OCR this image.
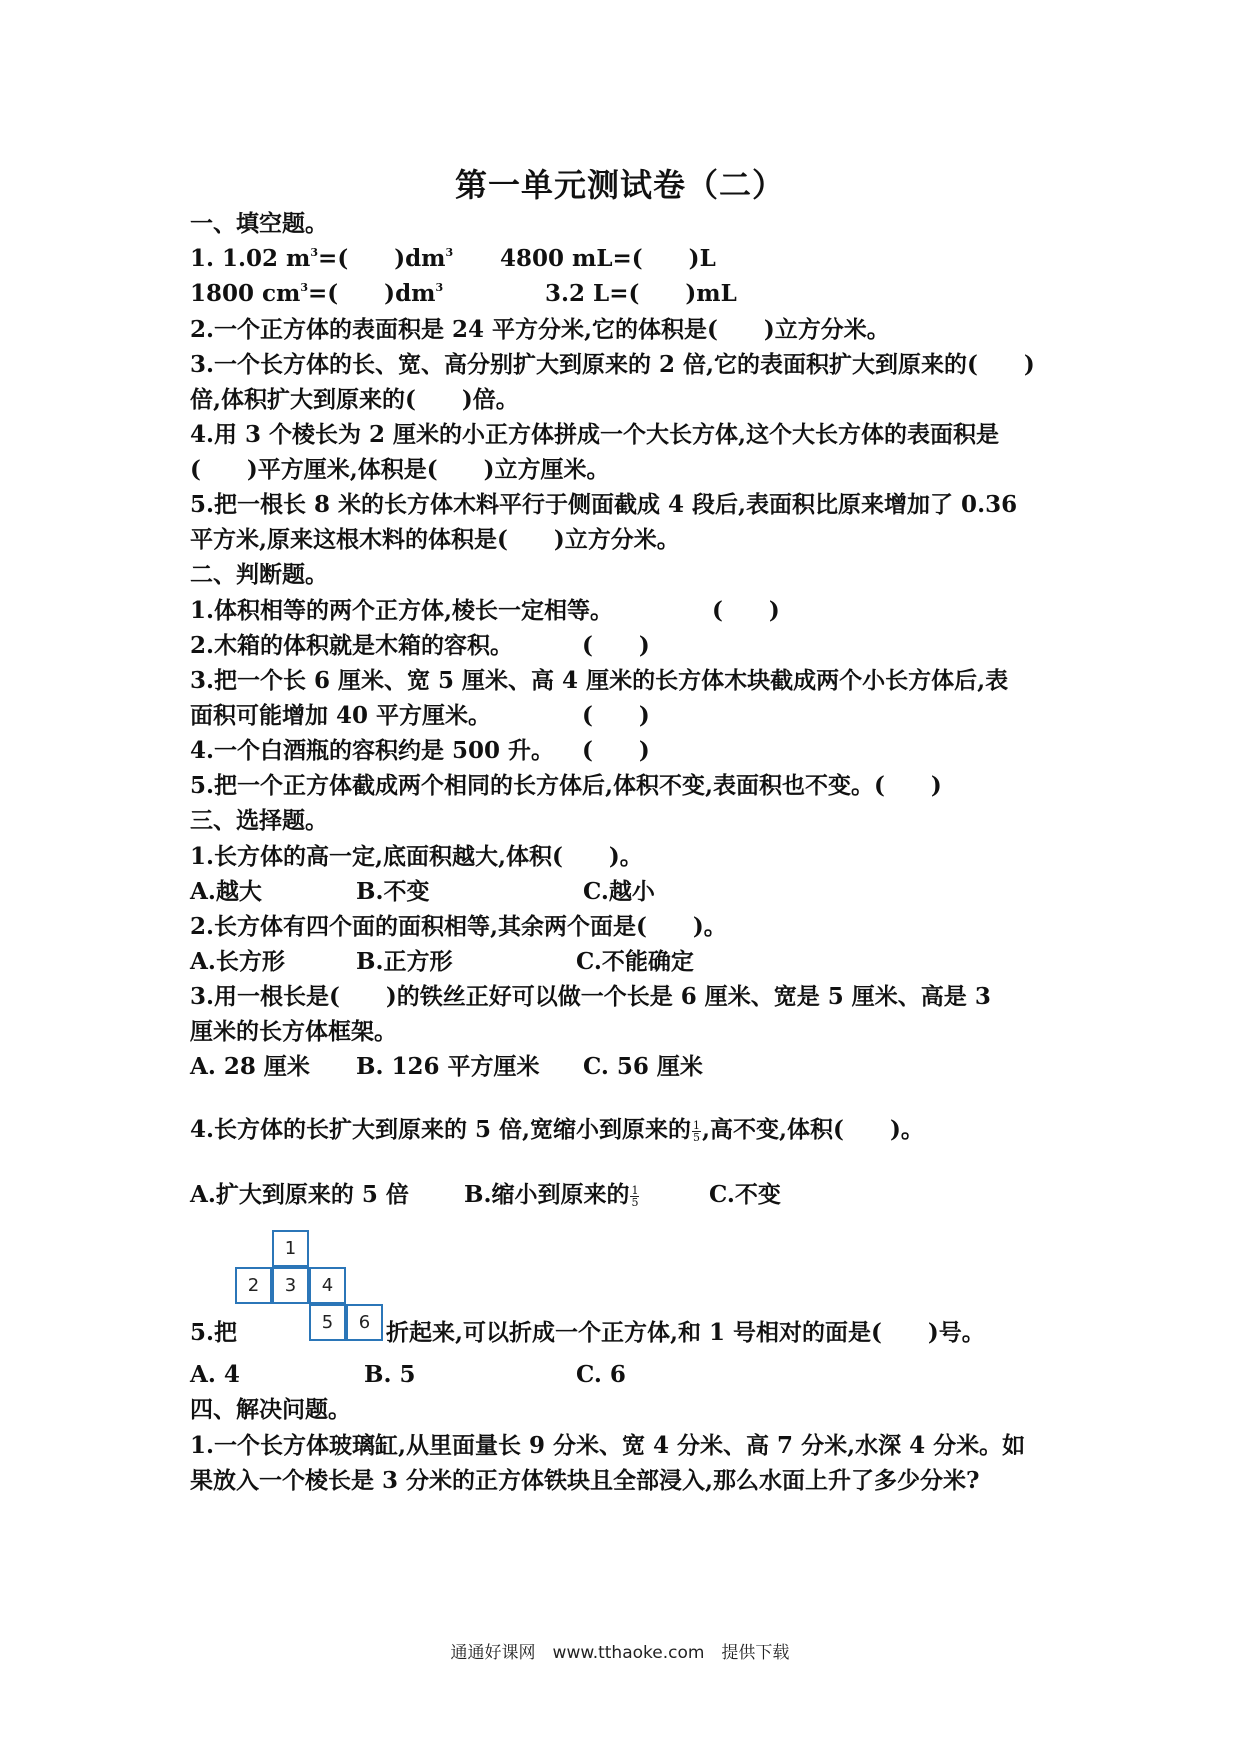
第一单元测试卷（二）
一、填空题。
1. 1.02 $m^3=$(　　)$dm^3$ 4800 mL=(　　)L
1800 $cm^3=$(　　)$dm^3$	3.2 L=(　　)mL
2.一个正方体的表面积是 24 平方分米,它的体积是(　　)立方分米。
3.一个长方体的长、宽、高分别扩大到原来的 2 倍,它的表面积扩大到原来的(　　)
倍,体积扩大到原来的(　　)倍。
4.用 3 个棱长为 2 厘米的小正方体拼成一个大长方体,这个大长方体的表面积是
(　　)平方厘米,体积是(　　)立方厘米。
5.把一根长 8 米的长方体木料平行于侧面截成 4 段后,表面积比原来增加了 0.36
平方米,原来这根木料的体积是(　　)立方分米。
二、判断题。
1.体积相等的两个正方体,棱长一定相等。	(　　)
2.木箱的体积就是木箱的容积。	(　　)
3.把一个长 6 厘米、宽 5 厘米、高 4 厘米的长方体木块截成两个小长方体后,表
面积可能增加 40 平方厘米。	(　　)
4.一个白酒瓶的容积约是 500 升。 (　　)
5.把一个正方体截成两个相同的长方体后,体积不变,表面积也不变。(　　)
三、选择题。
1.长方体的高一定,底面积越大,体积(　　)。
A.越大	B.不变	C.越小
2.长方体有四个面的面积相等,其余两个面是(　　)。
A.长方形	B.正方形	C.不能确定
3.用一根长是(　　)的铁丝正好可以做一个长是 6 厘米、宽是 5 厘米、高是 3
厘米的长方体框架。
A. 28 厘米 B. 126 平方厘米 C. 56 厘米
4.长方体的长扩大到原来的 5 倍,宽缩小到原来的 $\frac{1}{5}$ ,高不变,体积(　　)。
A.扩大到原来的 5 倍 B.缩小到原来的 $\frac{1}{5}$	C.不变
1
2	3	4
5	6
5.把	折起来,可以折成一个正方体,和 1 号相对的面是(　　)号。
A. 4	B. 5	C. 6
四、解决问题。
1.一个长方体玻璃缸,从里面量长 9 分米、宽 4 分米、高 7 分米,水深 4 分米。如
果放入一个棱长是 3 分米的正方体铁块且全部浸入,那么水面上升了多少分米?
通通好课网　www.tthaoke.com　提供下载
